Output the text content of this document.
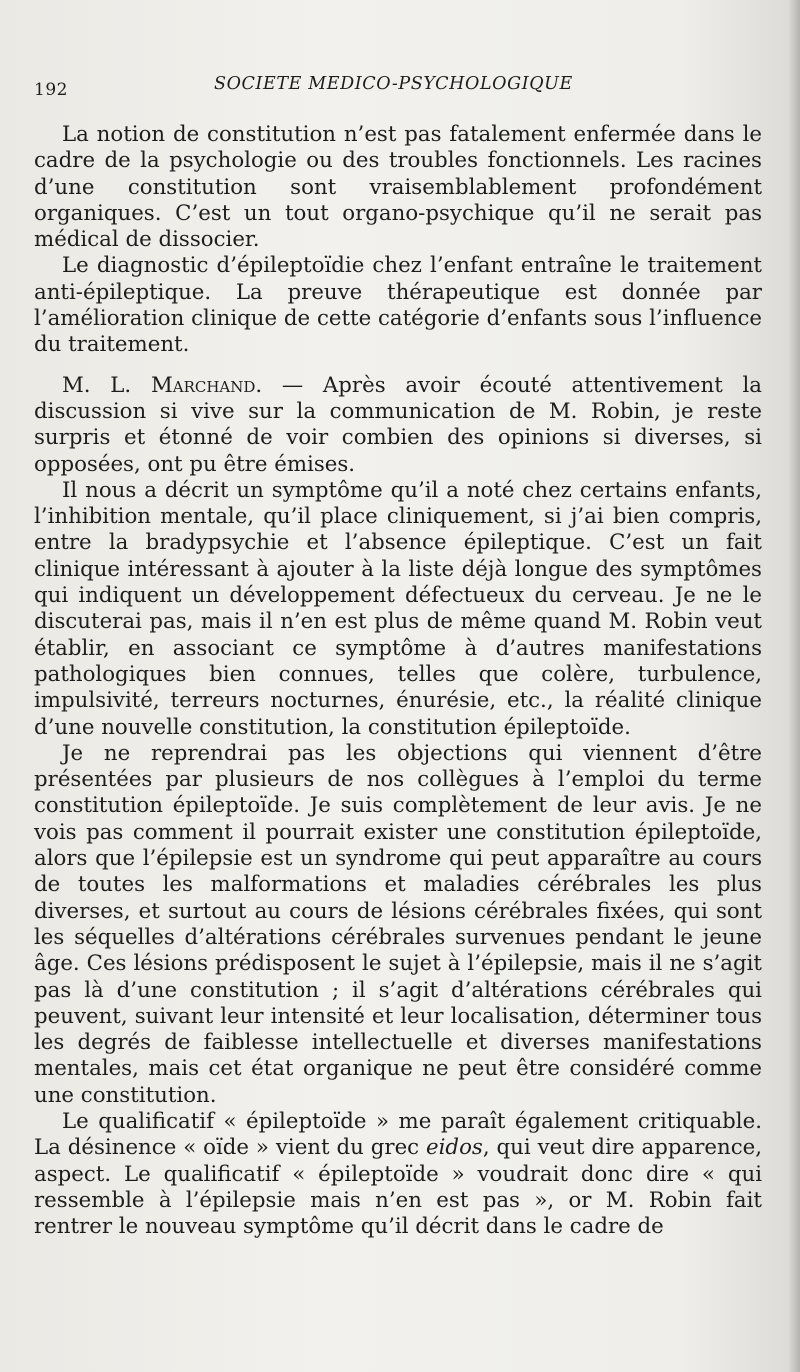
192	SOCIETE MEDICO-PSYCHOLOGIQUE

La notion de constitution n’est pas fatalement enfermée dans le cadre de la psychologie ou des troubles fonctionnels. Les racines d’une constitution sont vraisemblablement profondément organiques. C’est un tout organo-psychique qu’il ne serait pas médical de dissocier.

Le diagnostic d’épileptoïdie chez l’enfant entraîne le traitement anti-épileptique. La preuve thérapeutique est donnée par l’amélioration clinique de cette catégorie d’enfants sous l’influence du traitement.

M. L. Marchand. — Après avoir écouté attentivement la discussion si vive sur la communication de M. Robin, je reste surpris et étonné de voir combien des opinions si diverses, si opposées, ont pu être émises.

Il nous a décrit un symptôme qu’il a noté chez certains enfants, l’inhibition mentale, qu’il place cliniquement, si j’ai bien compris, entre la bradypsychie et l’absence épileptique. C’est un fait clinique intéressant à ajouter à la liste déjà longue des symptômes qui indiquent un développement défectueux du cerveau. Je ne le discuterai pas, mais il n’en est plus de même quand M. Robin veut établir, en associant ce symptôme à d’autres manifestations pathologiques bien connues, telles que colère, turbulence, impulsivité, terreurs nocturnes, énurésie, etc., la réalité clinique d’une nouvelle constitution, la constitution épileptoïde.

Je ne reprendrai pas les objections qui viennent d’être présentées par plusieurs de nos collègues à l’emploi du terme constitution épileptoïde. Je suis complètement de leur avis. Je ne vois pas comment il pourrait exister une constitution épileptoïde, alors que l’épilepsie est un syndrome qui peut apparaître au cours de toutes les malformations et maladies cérébrales les plus diverses, et surtout au cours de lésions cérébrales fixées, qui sont les séquelles d’altérations cérébrales survenues pendant le jeune âge. Ces lésions prédisposent le sujet à l’épilepsie, mais il ne s’agit pas là d’une constitution ; il s’agit d’altérations cérébrales qui peuvent, suivant leur intensité et leur localisation, déterminer tous les degrés de faiblesse intellectuelle et diverses manifestations mentales, mais cet état organique ne peut être considéré comme une constitution.

Le qualificatif « épileptoïde » me paraît également critiquable. La désinence « oïde » vient du grec eidos, qui veut dire apparence, aspect. Le qualificatif « épileptoïde » voudrait donc dire « qui ressemble à l’épilepsie mais n’en est pas », or M. Robin fait rentrer le nouveau symptôme qu’il décrit dans le cadre de
